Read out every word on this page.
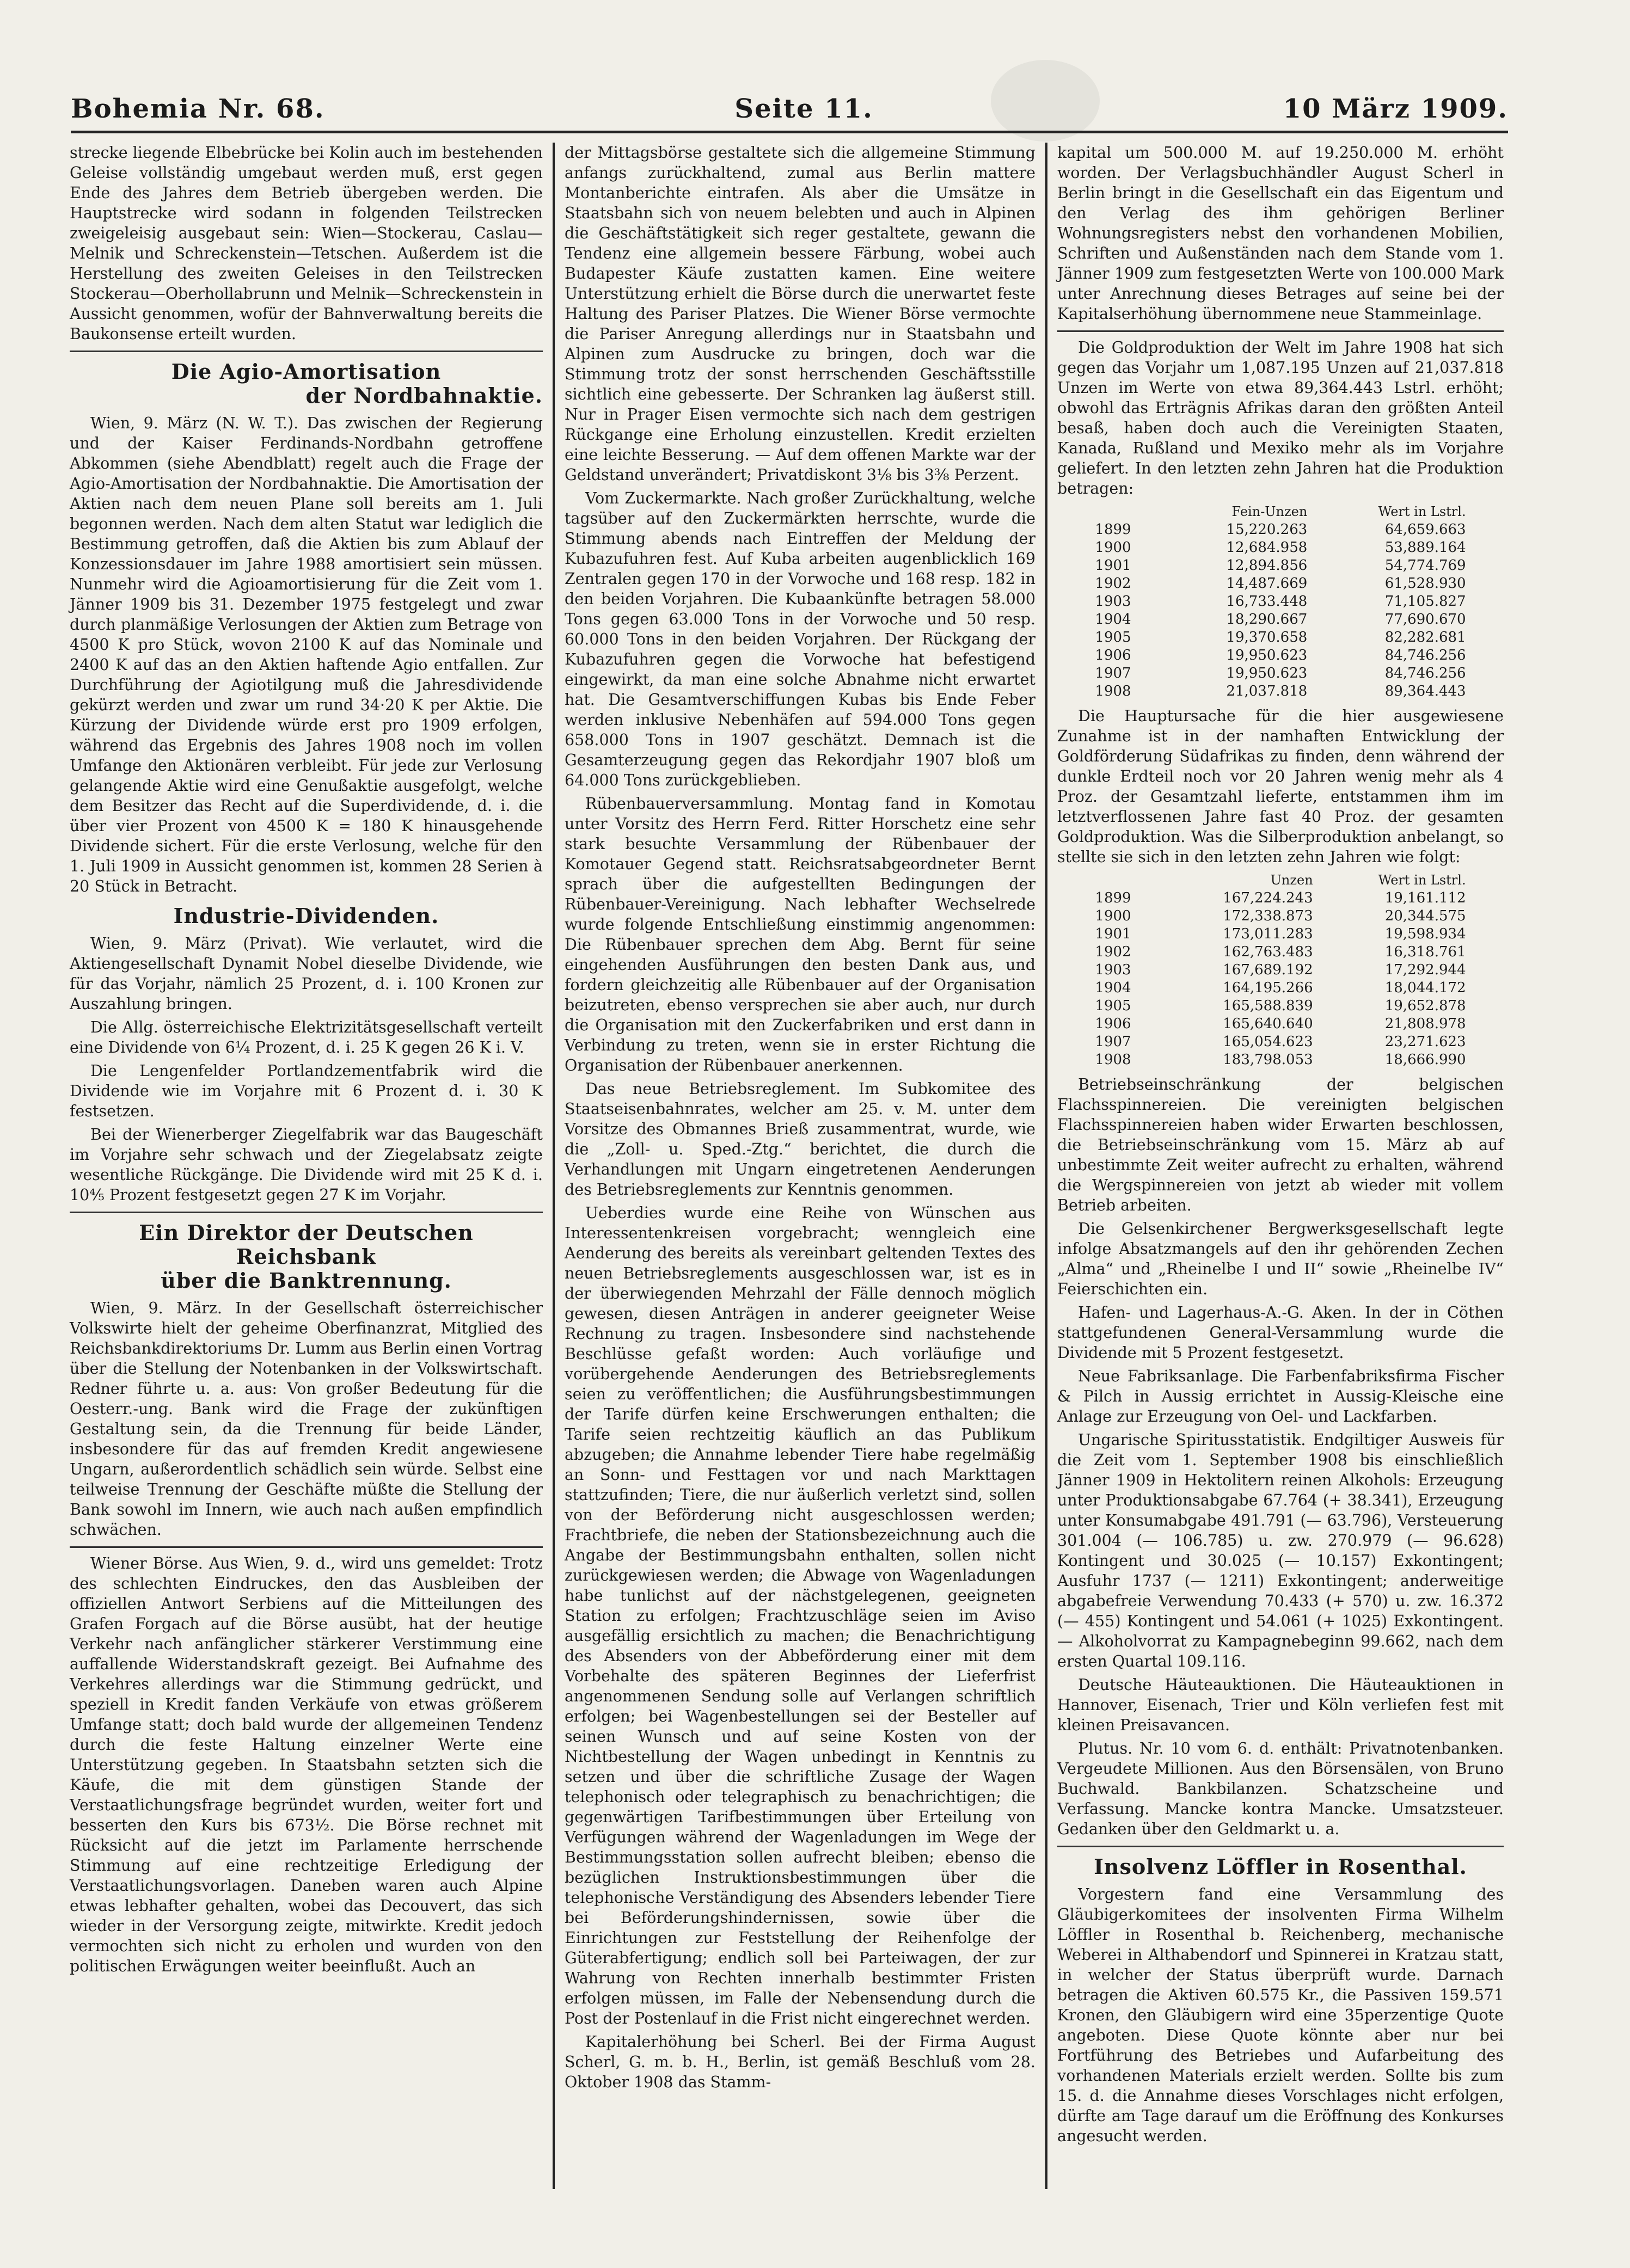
Bohemia Nr. 68.	Seite 11.	10 März 1909.

strecke liegende Elbebrücke bei Kolin auch im bestehenden Geleise vollständig umgebaut werden muß, erst gegen Ende des Jahres dem Betrieb übergeben werden. Die Hauptstrecke wird sodann in folgenden Teilstrecken zweigeleisig ausgebaut sein: Wien—Stockerau, Caslau—Melnik und Schreckenstein—Tetschen. Außerdem ist die Herstellung des zweiten Geleises in den Teilstrecken Stockerau—Oberhollabrunn und Melnik—Schreckenstein in Aussicht genommen, wofür der Bahnverwaltung bereits die Baukonsense erteilt wurden.

Die Agio-Amortisation
der Nordbahnaktie.

Wien, 9. März (N. W. T.). Das zwischen der Regierung und der Kaiser Ferdinands-Nordbahn getroffene Abkommen (siehe Abendblatt) regelt auch die Frage der Agio-Amortisation der Nordbahnaktie. Die Amortisation der Aktien nach dem neuen Plane soll bereits am 1. Juli begonnen werden. Nach dem alten Statut war lediglich die Bestimmung getroffen, daß die Aktien bis zum Ablauf der Konzessionsdauer im Jahre 1988 amortisiert sein müssen. Nunmehr wird die Agioamortisierung für die Zeit vom 1. Jänner 1909 bis 31. Dezember 1975 festgelegt und zwar durch planmäßige Verlosungen der Aktien zum Betrage von 4500 K pro Stück, wovon 2100 K auf das Nominale und 2400 K auf das an den Aktien haftende Agio entfallen. Zur Durchführung der Agiotilgung muß die Jahresdividende gekürzt werden und zwar um rund 34·20 K per Aktie. Die Kürzung der Dividende würde erst pro 1909 erfolgen, während das Ergebnis des Jahres 1908 noch im vollen Umfange den Aktionären verbleibt. Für jede zur Verlosung gelangende Aktie wird eine Genußaktie ausgefolgt, welche dem Besitzer das Recht auf die Superdividende, d. i. die über vier Prozent von 4500 K = 180 K hinausgehende Dividende sichert. Für die erste Verlosung, welche für den 1. Juli 1909 in Aussicht genommen ist, kommen 28 Serien à 20 Stück in Betracht.

Industrie-Dividenden.

Wien, 9. März (Privat). Wie verlautet, wird die Aktiengesellschaft Dynamit Nobel dieselbe Dividende, wie für das Vorjahr, nämlich 25 Prozent, d. i. 100 Kronen zur Auszahlung bringen.

Die Allg. österreichische Elektrizitätsgesellschaft verteilt eine Dividende von 6¼ Prozent, d. i. 25 K gegen 26 K i. V.

Die Lengenfelder Portlandzementfabrik wird die Dividende wie im Vorjahre mit 6 Prozent d. i. 30 K festsetzen.

Bei der Wienerberger Ziegelfabrik war das Baugeschäft im Vorjahre sehr schwach und der Ziegelabsatz zeigte wesentliche Rückgänge. Die Dividende wird mit 25 K d. i. 10⅘ Prozent festgesetzt gegen 27 K im Vorjahr.

Ein Direktor der Deutschen Reichsbank
über die Banktrennung.

Wien, 9. März. In der Gesellschaft österreichischer Volkswirte hielt der geheime Oberfinanzrat, Mitglied des Reichsbankdirektoriums Dr. Lumm aus Berlin einen Vortrag über die Stellung der Notenbanken in der Volkswirtschaft. Redner führte u. a. aus: Von großer Bedeutung für die Oesterr.-ung. Bank wird die Frage der zukünftigen Gestaltung sein, da die Trennung für beide Länder, insbesondere für das auf fremden Kredit angewiesene Ungarn, außerordentlich schädlich sein würde. Selbst eine teilweise Trennung der Geschäfte müßte die Stellung der Bank sowohl im Innern, wie auch nach außen empfindlich schwächen.

Wiener Börse. Aus Wien, 9. d., wird uns gemeldet: Trotz des schlechten Eindruckes, den das Ausbleiben der offiziellen Antwort Serbiens auf die Mitteilungen des Grafen Forgach auf die Börse ausübt, hat der heutige Verkehr nach anfänglicher stärkerer Verstimmung eine auffallende Widerstandskraft gezeigt. Bei Aufnahme des Verkehres allerdings war die Stimmung gedrückt, und speziell in Kredit fanden Verkäufe von etwas größerem Umfange statt; doch bald wurde der allgemeinen Tendenz durch die feste Haltung einzelner Werte eine Unterstützung gegeben. In Staatsbahn setzten sich die Käufe, die mit dem günstigen Stande der Verstaatlichungsfrage begründet wurden, weiter fort und besserten den Kurs bis 673½. Die Börse rechnet mit Rücksicht auf die jetzt im Parlamente herrschende Stimmung auf eine rechtzeitige Erledigung der Verstaatlichungsvorlagen. Daneben waren auch Alpine etwas lebhafter gehalten, wobei das Decouvert, das sich wieder in der Versorgung zeigte, mitwirkte. Kredit jedoch vermochten sich nicht zu erholen und wurden von den politischen Erwägungen weiter beeinflußt. Auch an

der Mittagsbörse gestaltete sich die allgemeine Stimmung anfangs zurückhaltend, zumal aus Berlin mattere Montanberichte eintrafen. Als aber die Umsätze in Staatsbahn sich von neuem belebten und auch in Alpinen die Geschäftstätigkeit sich reger gestaltete, gewann die Tendenz eine allgemein bessere Färbung, wobei auch Budapester Käufe zustatten kamen. Eine weitere Unterstützung erhielt die Börse durch die unerwartet feste Haltung des Pariser Platzes. Die Wiener Börse vermochte die Pariser Anregung allerdings nur in Staatsbahn und Alpinen zum Ausdrucke zu bringen, doch war die Stimmung trotz der sonst herrschenden Geschäftsstille sichtlich eine gebesserte. Der Schranken lag äußerst still. Nur in Prager Eisen vermochte sich nach dem gestrigen Rückgange eine Erholung einzustellen. Kredit erzielten eine leichte Besserung. — Auf dem offenen Markte war der Geldstand unverändert; Privatdiskont 3⅛ bis 3⅜ Perzent.

Vom Zuckermarkte. Nach großer Zurückhaltung, welche tagsüber auf den Zuckermärkten herrschte, wurde die Stimmung abends nach Eintreffen der Meldung der Kubazufuhren fest. Auf Kuba arbeiten augenblicklich 169 Zentralen gegen 170 in der Vorwoche und 168 resp. 182 in den beiden Vorjahren. Die Kubaankünfte betragen 58.000 Tons gegen 63.000 Tons in der Vorwoche und 50 resp. 60.000 Tons in den beiden Vorjahren. Der Rückgang der Kubazufuhren gegen die Vorwoche hat befestigend eingewirkt, da man eine solche Abnahme nicht erwartet hat. Die Gesamtverschiffungen Kubas bis Ende Feber werden inklusive Nebenhäfen auf 594.000 Tons gegen 658.000 Tons in 1907 geschätzt. Demnach ist die Gesamterzeugung gegen das Rekordjahr 1907 bloß um 64.000 Tons zurückgeblieben.

Rübenbauerversammlung. Montag fand in Komotau unter Vorsitz des Herrn Ferd. Ritter Horschetz eine sehr stark besuchte Versammlung der Rübenbauer der Komotauer Gegend statt. Reichsratsabgeordneter Bernt sprach über die aufgestellten Bedingungen der Rübenbauer-Vereinigung. Nach lebhafter Wechselrede wurde folgende Entschließung einstimmig angenommen: Die Rübenbauer sprechen dem Abg. Bernt für seine eingehenden Ausführungen den besten Dank aus, und fordern gleichzeitig alle Rübenbauer auf der Organisation beizutreten, ebenso versprechen sie aber auch, nur durch die Organisation mit den Zuckerfabriken und erst dann in Verbindung zu treten, wenn sie in erster Richtung die Organisation der Rübenbauer anerkennen.

Das neue Betriebsreglement. Im Subkomitee des Staatseisenbahnrates, welcher am 25. v. M. unter dem Vorsitze des Obmannes Brieß zusammentrat, wurde, wie die „Zoll- u. Sped.-Ztg.“ berichtet, die durch die Verhandlungen mit Ungarn eingetretenen Aenderungen des Betriebsreglements zur Kenntnis genommen.

Ueberdies wurde eine Reihe von Wünschen aus Interessentenkreisen vorgebracht; wenngleich eine Aenderung des bereits als vereinbart geltenden Textes des neuen Betriebsreglements ausgeschlossen war, ist es in der überwiegenden Mehrzahl der Fälle dennoch möglich gewesen, diesen Anträgen in anderer geeigneter Weise Rechnung zu tragen. Insbesondere sind nachstehende Beschlüsse gefaßt worden: Auch vorläufige und vorübergehende Aenderungen des Betriebsreglements seien zu veröffentlichen; die Ausführungsbestimmungen der Tarife dürfen keine Erschwerungen enthalten; die Tarife seien rechtzeitig käuflich an das Publikum abzugeben; die Annahme lebender Tiere habe regelmäßig an Sonn- und Festtagen vor und nach Markttagen stattzufinden; Tiere, die nur äußerlich verletzt sind, sollen von der Beförderung nicht ausgeschlossen werden; Frachtbriefe, die neben der Stationsbezeichnung auch die Angabe der Bestimmungsbahn enthalten, sollen nicht zurückgewiesen werden; die Abwage von Wagenladungen habe tunlichst auf der nächstgelegenen, geeigneten Station zu erfolgen; Frachtzuschläge seien im Aviso ausgefällig ersichtlich zu machen; die Benachrichtigung des Absenders von der Abbeförderung einer mit dem Vorbehalte des späteren Beginnes der Lieferfrist angenommenen Sendung solle auf Verlangen schriftlich erfolgen; bei Wagenbestellungen sei der Besteller auf seinen Wunsch und auf seine Kosten von der Nichtbestellung der Wagen unbedingt in Kenntnis zu setzen und über die schriftliche Zusage der Wagen telephonisch oder telegraphisch zu benachrichtigen; die gegenwärtigen Tarifbestimmungen über Erteilung von Verfügungen während der Wagenladungen im Wege der Bestimmungsstation sollen aufrecht bleiben; ebenso die bezüglichen Instruktionsbestimmungen über die telephonische Verständigung des Absenders lebender Tiere bei Beförderungshindernissen, sowie über die Einrichtungen zur Feststellung der Reihenfolge der Güterabfertigung; endlich soll bei Parteiwagen, der zur Wahrung von Rechten innerhalb bestimmter Fristen erfolgen müssen, im Falle der Nebensendung durch die Post der Postenlauf in die Frist nicht eingerechnet werden.

Kapitalerhöhung bei Scherl. Bei der Firma August Scherl, G. m. b. H., Berlin, ist gemäß Beschluß vom 28. Oktober 1908 das Stamm-

kapital um 500.000 M. auf 19.250.000 M. erhöht worden. Der Verlagsbuchhändler August Scherl in Berlin bringt in die Gesellschaft ein das Eigentum und den Verlag des ihm gehörigen Berliner Wohnungsregisters nebst den vorhandenen Mobilien, Schriften und Außenständen nach dem Stande vom 1. Jänner 1909 zum festgesetzten Werte von 100.000 Mark unter Anrechnung dieses Betrages auf seine bei der Kapitalserhöhung übernommene neue Stammeinlage.

Die Goldproduktion der Welt im Jahre 1908 hat sich gegen das Vorjahr um 1,087.195 Unzen auf 21,037.818 Unzen im Werte von etwa 89,364.443 Lstrl. erhöht; obwohl das Erträgnis Afrikas daran den größten Anteil besaß, haben doch auch die Vereinigten Staaten, Kanada, Rußland und Mexiko mehr als im Vorjahre geliefert. In den letzten zehn Jahren hat die Produktion betragen:

	Fein-Unzen	Wert in Lstrl.
1899	15,220.263	64,659.663
1900	12,684.958	53,889.164
1901	12,894.856	54,774.769
1902	14,487.669	61,528.930
1903	16,733.448	71,105.827
1904	18,290.667	77,690.670
1905	19,370.658	82,282.681
1906	19,950.623	84,746.256
1907	19,950.623	84,746.256
1908	21,037.818	89,364.443

Die Hauptursache für die hier ausgewiesene Zunahme ist in der namhaften Entwicklung der Goldförderung Südafrikas zu finden, denn während der dunkle Erdteil noch vor 20 Jahren wenig mehr als 4 Proz. der Gesamtzahl lieferte, entstammen ihm im letztverflossenen Jahre fast 40 Proz. der gesamten Goldproduktion. Was die Silberproduktion anbelangt, so stellte sie sich in den letzten zehn Jahren wie folgt:

	Unzen	Wert in Lstrl.
1899	167,224.243	19,161.112
1900	172,338.873	20,344.575
1901	173,011.283	19,598.934
1902	162,763.483	16,318.761
1903	167,689.192	17,292.944
1904	164,195.266	18,044.172
1905	165,588.839	19,652.878
1906	165,640.640	21,808.978
1907	165,054.623	23,271.623
1908	183,798.053	18,666.990

Betriebseinschränkung der belgischen Flachsspinnereien. Die vereinigten belgischen Flachsspinnereien haben wider Erwarten beschlossen, die Betriebseinschränkung vom 15. März ab auf unbestimmte Zeit weiter aufrecht zu erhalten, während die Wergspinnereien von jetzt ab wieder mit vollem Betrieb arbeiten.

Die Gelsenkirchener Bergwerksgesellschaft legte infolge Absatzmangels auf den ihr gehörenden Zechen „Alma“ und „Rheinelbe I und II“ sowie „Rheinelbe IV“ Feierschichten ein.

Hafen- und Lagerhaus-A.-G. Aken. In der in Cöthen stattgefundenen General-Versammlung wurde die Dividende mit 5 Prozent festgesetzt.

Neue Fabriksanlage. Die Farbenfabriksfirma Fischer & Pilch in Aussig errichtet in Aussig-Kleische eine Anlage zur Erzeugung von Oel- und Lackfarben.

Ungarische Spiritusstatistik. Endgiltiger Ausweis für die Zeit vom 1. September 1908 bis einschließlich Jänner 1909 in Hektolitern reinen Alkohols: Erzeugung unter Produktionsabgabe 67.764 (+ 38.341), Erzeugung unter Konsumabgabe 491.791 (— 63.796), Versteuerung 301.004 (— 106.785) u. zw. 270.979 (— 96.628) Kontingent und 30.025 (— 10.157) Exkontingent; Ausfuhr 1737 (— 1211) Exkontingent; anderweitige abgabefreie Verwendung 70.433 (+ 570) u. zw. 16.372 (— 455) Kontingent und 54.061 (+ 1025) Exkontingent. — Alkoholvorrat zu Kampagnebeginn 99.662, nach dem ersten Quartal 109.116.

Deutsche Häuteauktionen. Die Häuteauktionen in Hannover, Eisenach, Trier und Köln verliefen fest mit kleinen Preisavancen.

Plutus. Nr. 10 vom 6. d. enthält: Privatnotenbanken. Vergeudete Millionen. Aus den Börsensälen, von Bruno Buchwald. Bankbilanzen. Schatzscheine und Verfassung. Mancke kontra Mancke. Umsatzsteuer. Gedanken über den Geldmarkt u. a.

Insolvenz Löffler in Rosenthal.

Vorgestern fand eine Versammlung des Gläubigerkomitees der insolventen Firma Wilhelm Löffler in Rosenthal b. Reichenberg, mechanische Weberei in Althabendorf und Spinnerei in Kratzau statt, in welcher der Status überprüft wurde. Darnach betragen die Aktiven 60.575 Kr., die Passiven 159.571 Kronen, den Gläubigern wird eine 35perzentige Quote angeboten. Diese Quote könnte aber nur bei Fortführung des Betriebes und Aufarbeitung des vorhandenen Materials erzielt werden. Sollte bis zum 15. d. die Annahme dieses Vorschlages nicht erfolgen, dürfte am Tage darauf um die Eröffnung des Konkurses angesucht werden.
